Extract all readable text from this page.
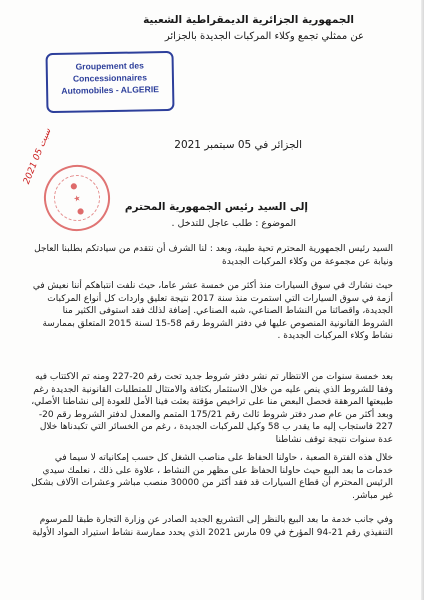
الجمهورية الجزائرية الديمقراطية الشعبية
عن ممثلي تجمع وكلاء المركبات الجديدة بالجزائر
Groupement des Concessionnaires
Automobiles - ALGERIE
الجزائر في 05 سبتمبر 2021
●
★
●
2021 سبت 05
إلى السيد رئيس الجمهورية المحترم
الموضوع : طلب عاجل للتدخل .
السيد رئيس الجمهورية المحترم تحية طيبة، وبعد : لنا الشرف أن نتقدم من سيادتكم بطلبنا العاجل ونيابة عن مجموعة من وكلاء المركبات الجديدة
حيث نشارك في سوق السيارات منذ أكثر من خمسة عشر عاما، حيث نلفت انتباهكم أننا نعيش في أزمة في سوق السيارات التي استمرت منذ سنة 2017 نتيجة تعليق واردات كل أنواع المركبات الجديدة، واقصائنا من النشاط الصناعي، شبه الصناعي. إضافة لذلك فقد استوفى الكثير منا الشروط القانونية المنصوص عليها في دفتر الشروط رقم 58-15 لسنة 2015 المتعلق بممارسة نشاط وكلاء المركبات الجديدة .
بعد خمسة سنوات من الانتظار تم نشر دفتر شروط جديد تحت رقم 20-227 ومنه تم الاكتتاب فيه وفقا للشروط الذي ينص عليه من خلال الاستثمار بكثافة والامتثال للمتطلبات القانونية الجديدة رغم طبيعتها المرهقة فحصل البعض منا على تراخيص مؤقتة بعثت فينا الأمل للعودة إلى نشاطنا الأصلي، وبعد أكثر من عام صدر دفتر شروط ثالث رقم 175/21 المتمم والمعدل لدفتر الشروط رقم 20-227 فاستجاب إليه ما يقدر ب 58 وكيل للمركبات الجديدة ، رغم من الخسائر التي تكبدناها خلال عدة سنوات نتيجة توقف نشاطنا
خلال هذه الفترة الصعبة ، حاولنا الحفاظ على مناصب الشغل كل حسب إمكانياته لا سيما في خدمات ما بعد البيع حيث حاولنا الحفاظ على مظهر من النشاط ، علاوة على ذلك ، نعلمك سيدي الرئيس المحترم أن قطاع السيارات قد فقد أكثر من 30000 منصب مباشر وعشرات الآلاف بشكل غير مباشر.
وفي جانب خدمة ما بعد البيع بالنظر إلى التشريع الجديد الصادر عن وزارة التجارة طبقا للمرسوم التنفيذي رقم 21-94 المؤرخ في 09 مارس 2021 الذي يحدد ممارسة نشاط استيراد المواد الأولية
